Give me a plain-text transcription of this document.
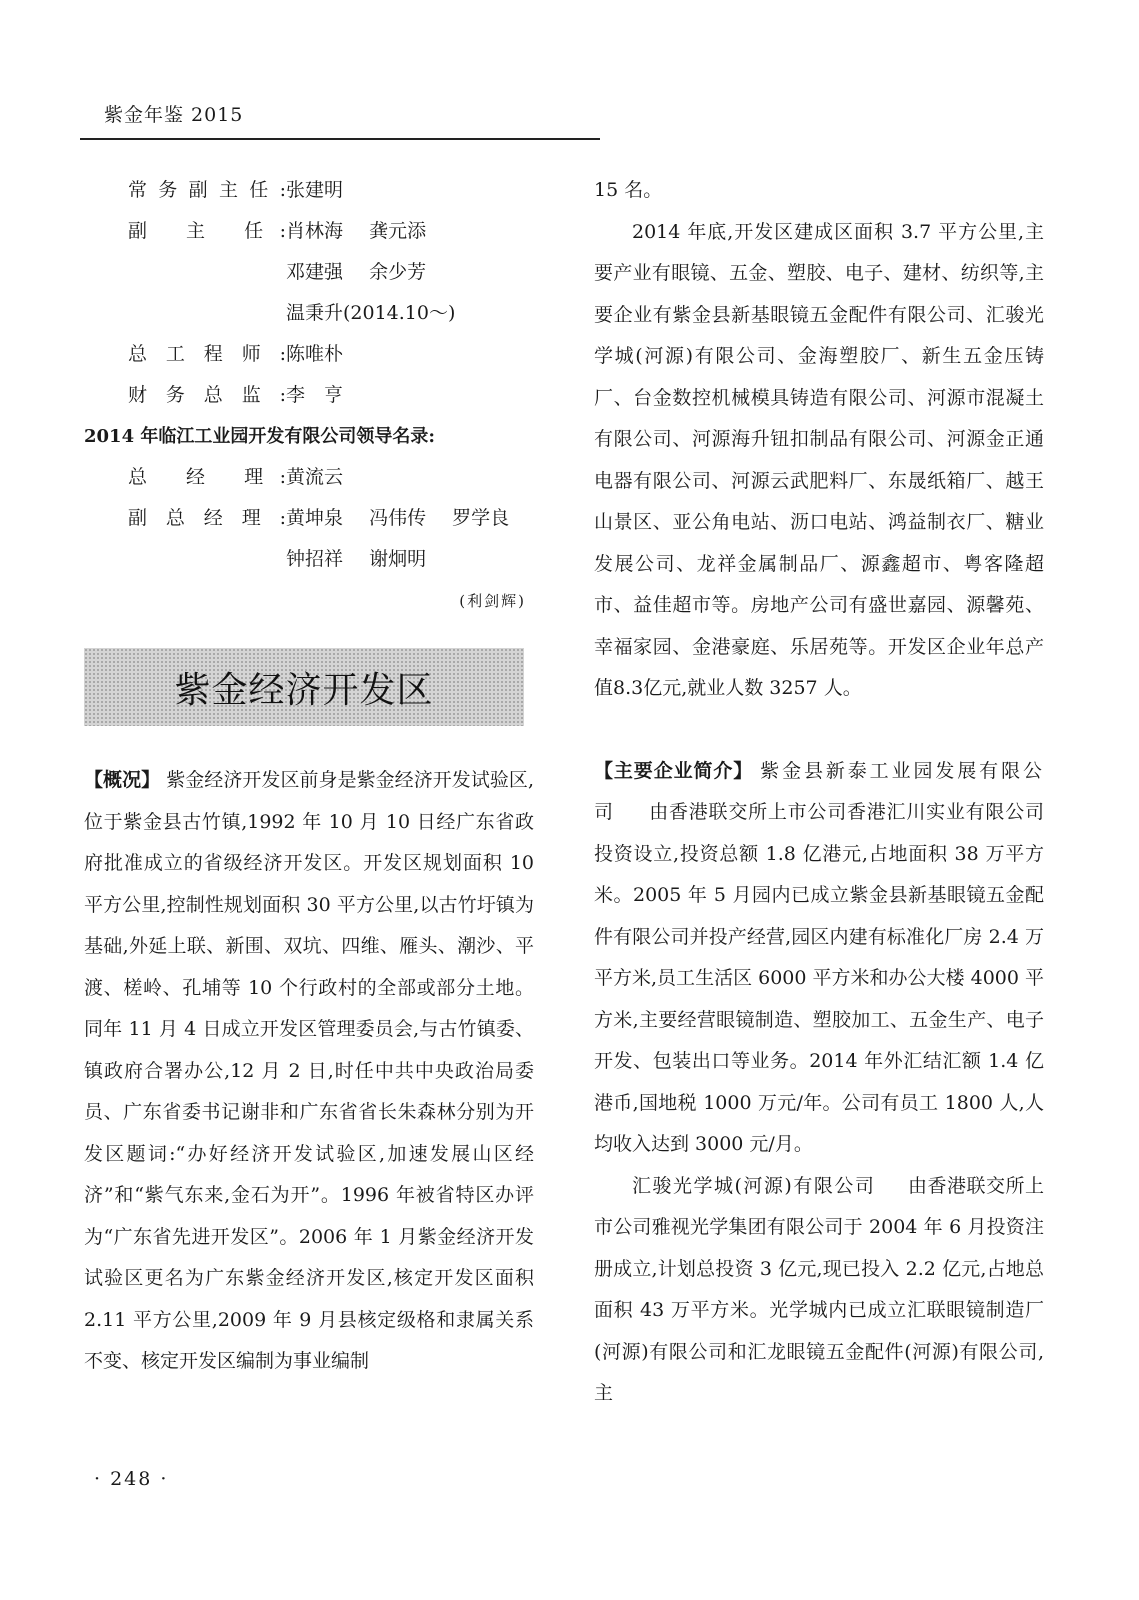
紫金年鉴 2015
常务副主任: 张建明
副 主 任: 肖林海 龚元添
邓建强 余少芳
温秉升(2014.10～)
总工程师: 陈唯朴
财务总监: 李　亨
2014 年临江工业园开发有限公司领导名录:
总 经 理: 黄流云
副总经理: 黄坤泉 冯伟传 罗学良
钟招祥 谢炯明
(利剑辉)
紫金经济开发区

【概况】 紫金经济开发区前身是紫金经济开发试验区,位于紫金县古竹镇,1992 年 10 月 10 日经广东省政府批准成立的省级经济开发区。开发区规划面积 10 平方公里,控制性规划面积 30 平方公里,以古竹圩镇为基础,外延上联、新围、双坑、四维、雁头、潮沙、平渡、槎岭、孔埔等 10 个行政村的全部或部分土地。同年 11 月 4 日成立开发区管理委员会,与古竹镇委、镇政府合署办公,12 月 2 日,时任中共中央政治局委员、广东省委书记谢非和广东省省长朱森林分别为开发区题词:“办好经济开发试验区,加速发展山区经济”和“紫气东来,金石为开”。1996 年被省特区办评为“广东省先进开发区”。2006 年 1 月紫金经济开发试验区更名为广东紫金经济开发区,核定开发区面积 2.11 平方公里,2009 年 9 月县核定级格和隶属关系不变、核定开发区编制为事业编制

15 名。

2014 年底,开发区建成区面积 3.7 平方公里,主要产业有眼镜、五金、塑胶、电子、建材、纺织等,主要企业有紫金县新基眼镜五金配件有限公司、汇骏光学城(河源)有限公司、金海塑胶厂、新生五金压铸厂、台金数控机械模具铸造有限公司、河源市混凝土有限公司、河源海升钮扣制品有限公司、河源金正通电器有限公司、河源云武肥料厂、东晟纸箱厂、越王山景区、亚公角电站、沥口电站、鸿益制衣厂、糖业发展公司、龙祥金属制品厂、源鑫超市、粤客隆超市、益佳超市等。房地产公司有盛世嘉园、源馨苑、幸福家园、金港豪庭、乐居苑等。开发区企业年总产值8.3亿元,就业人数 3257 人。

【主要企业简介】 紫金县新泰工业园发展有限公司 　 由香港联交所上市公司香港汇川实业有限公司投资设立,投资总额 1.8 亿港元,占地面积 38 万平方米。2005 年 5 月园内已成立紫金县新基眼镜五金配件有限公司并投产经营,园区内建有标准化厂房 2.4 万平方米,员工生活区 6000 平方米和办公大楼 4000 平方米,主要经营眼镜制造、塑胶加工、五金生产、电子开发、包装出口等业务。2014 年外汇结汇额 1.4 亿港币,国地税 1000 万元/年。公司有员工 1800 人,人均收入达到 3000 元/月。

汇骏光学城(河源)有限公司 　 由香港联交所上市公司雅视光学集团有限公司于 2004 年 6 月投资注册成立,计划总投资 3 亿元,现已投入 2.2 亿元,占地总面积 43 万平方米。光学城内已成立汇联眼镜制造厂(河源)有限公司和汇龙眼镜五金配件(河源)有限公司,主

· 248 ·
